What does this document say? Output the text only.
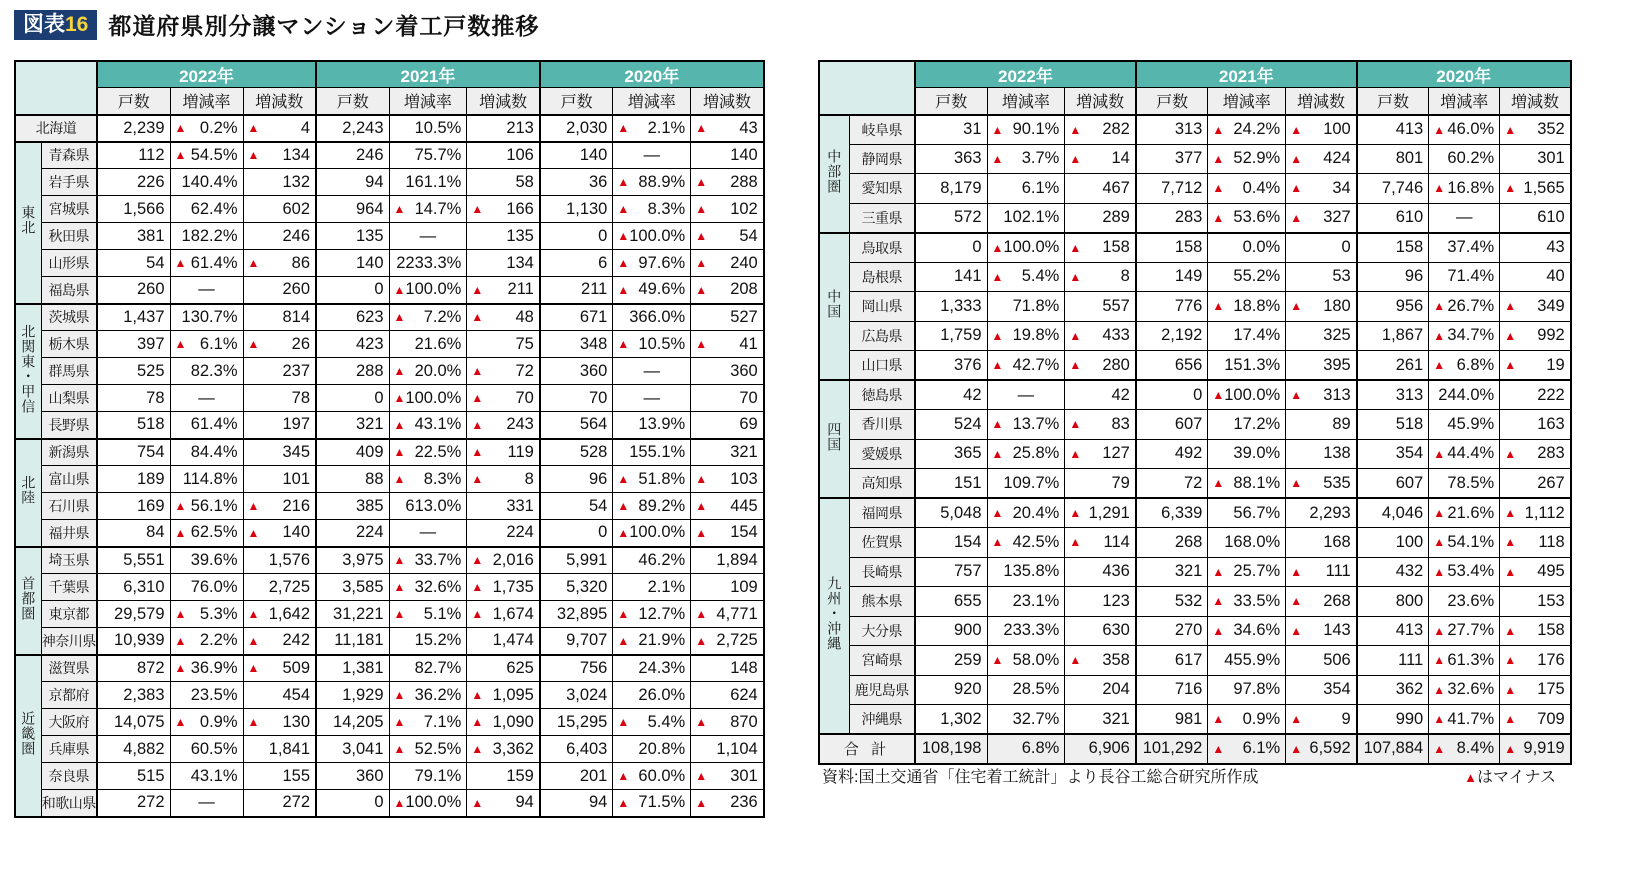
図表16 都道府県別分譲マンション着工戸数推移
		2022年			2021年			2020年		
		戸数	増減率	増減数	戸数	増減率	増減数	戸数	増減率	増減数
北海道		2,239	▲ 0.2%	▲ 4	2,243	10.5%	213	2,030	▲ 2.1%	▲ 43

東北	青森県	112	▲ 54.5%	▲ 134	246	75.7%	106	140	—	140
	岩手県	226	140.4%	132	94	161.1%	58	36	▲ 88.9%	▲ 288

	宮城県	1,566	62.4%	602	964	▲ 14.7%	▲ 166	1,130	▲ 8.3%	▲ 102

	秋田県	381	182.2%	246	135	—	135	0	▲ 100.0%	▲ 54

	山形県	54	▲ 61.4%	▲ 86	140	2233.3%	134	6	▲ 97.6%	▲ 240

	福島県	260	—	260	0	▲ 100.0%	▲ 211	211	▲ 49.6%	▲ 208

北関東・甲信	茨城県	1,437	130.7%	814	623	▲ 7.2%	▲ 48	671	366.0%	527
	栃木県	397	▲ 6.1%	▲ 26	423	21.6%	75	348	▲ 10.5%	▲ 41

	群馬県	525	82.3%	237	288	▲ 20.0%	▲ 72	360	—	360
	山梨県	78	—	78	0	▲ 100.0%	▲ 70	70	—	70
	長野県	518	61.4%	197	321	▲ 43.1%	▲ 243	564	13.9%	69
北陸	新潟県	754	84.4%	345	409	▲ 22.5%	▲ 119	528	155.1%	321
	富山県	189	114.8%	101	88	▲ 8.3%	▲ 8	96	▲ 51.8%	▲ 103

	石川県	169	▲ 56.1%	▲ 216	385	613.0%	331	54	▲ 89.2%	▲ 445

	福井県	84	▲ 62.5%	▲ 140	224	—	224	0	▲ 100.0%	▲ 154

首都圏	埼玉県	5,551	39.6%	1,576	3,975	▲ 33.7%	▲ 2,016	5,991	46.2%	1,894
	千葉県	6,310	76.0%	2,725	3,585	▲ 32.6%	▲ 1,735	5,320	2.1%	109
	東京都	29,579	▲ 5.3%	▲ 1,642	31,221	▲ 5.1%	▲ 1,674	32,895	▲ 12.7%	▲ 4,771

	神奈川県	10,939	▲ 2.2%	▲ 242	11,181	15.2%	1,474	9,707	▲ 21.9%	▲ 2,725

近畿圏	滋賀県	872	▲ 36.9%	▲ 509	1,381	82.7%	625	756	24.3%	148
	京都府	2,383	23.5%	454	1,929	▲ 36.2%	▲ 1,095	3,024	26.0%	624
	大阪府	14,075	▲ 0.9%	▲ 130	14,205	▲ 7.1%	▲ 1,090	15,295	▲ 5.4%	▲ 870

	兵庫県	4,882	60.5%	1,841	3,041	▲ 52.5%	▲ 3,362	6,403	20.8%	1,104
	奈良県	515	43.1%	155	360	79.1%	159	201	▲ 60.0%	▲ 301

	和歌山県	272	—	272	0	▲ 100.0%	▲ 94	94	▲ 71.5%	▲ 236
		2022年			2021年			2020年		
		戸数	増減率	増減数	戸数	増減率	増減数	戸数	増減率	増減数
中部圏	岐阜県	31	▲ 90.1%	▲ 282	313	▲ 24.2%	▲ 100	413	▲ 46.0%	▲ 352

	静岡県	363	▲ 3.7%	▲ 14	377	▲ 52.9%	▲ 424	801	60.2%	301
	愛知県	8,179	6.1%	467	7,712	▲ 0.4%	▲ 34	7,746	▲ 16.8%	▲ 1,565

	三重県	572	102.1%	289	283	▲ 53.6%	▲ 327	610	—	610
中国	鳥取県	0	▲ 100.0%	▲ 158	158	0.0%	0	158	37.4%	43
	島根県	141	▲ 5.4%	▲ 8	149	55.2%	53	96	71.4%	40
	岡山県	1,333	71.8%	557	776	▲ 18.8%	▲ 180	956	▲ 26.7%	▲ 349

	広島県	1,759	▲ 19.8%	▲ 433	2,192	17.4%	325	1,867	▲ 34.7%	▲ 992

	山口県	376	▲ 42.7%	▲ 280	656	151.3%	395	261	▲ 6.8%	▲ 19

四国	徳島県	42	—	42	0	▲ 100.0%	▲ 313	313	244.0%	222
	香川県	524	▲ 13.7%	▲ 83	607	17.2%	89	518	45.9%	163
	愛媛県	365	▲ 25.8%	▲ 127	492	39.0%	138	354	▲ 44.4%	▲ 283

	高知県	151	109.7%	79	72	▲ 88.1%	▲ 535	607	78.5%	267
九州・沖縄	福岡県	5,048	▲ 20.4%	▲ 1,291	6,339	56.7%	2,293	4,046	▲ 21.6%	▲ 1,112

	佐賀県	154	▲ 42.5%	▲ 114	268	168.0%	168	100	▲ 54.1%	▲ 118

	長崎県	757	135.8%	436	321	▲ 25.7%	▲ 111	432	▲ 53.4%	▲ 495

	熊本県	655	23.1%	123	532	▲ 33.5%	▲ 268	800	23.6%	153
	大分県	900	233.3%	630	270	▲ 34.6%	▲ 143	413	▲ 27.7%	▲ 158

	宮崎県	259	▲ 58.0%	▲ 358	617	455.9%	506	111	▲ 61.3%	▲ 176

	鹿児島県	920	28.5%	204	716	97.8%	354	362	▲ 32.6%	▲ 175

	沖縄県	1,302	32.7%	321	981	▲ 0.9%	▲ 9	990	▲ 41.7%	▲ 709

合 計		108,198	6.8%	6,906	101,292	▲ 6.1%	▲ 6,592	107,884	▲ 8.4%	▲ 9,919
資料:国土交通省「住宅着工統計」より長谷工総合研究所作成	▲はマイナス
